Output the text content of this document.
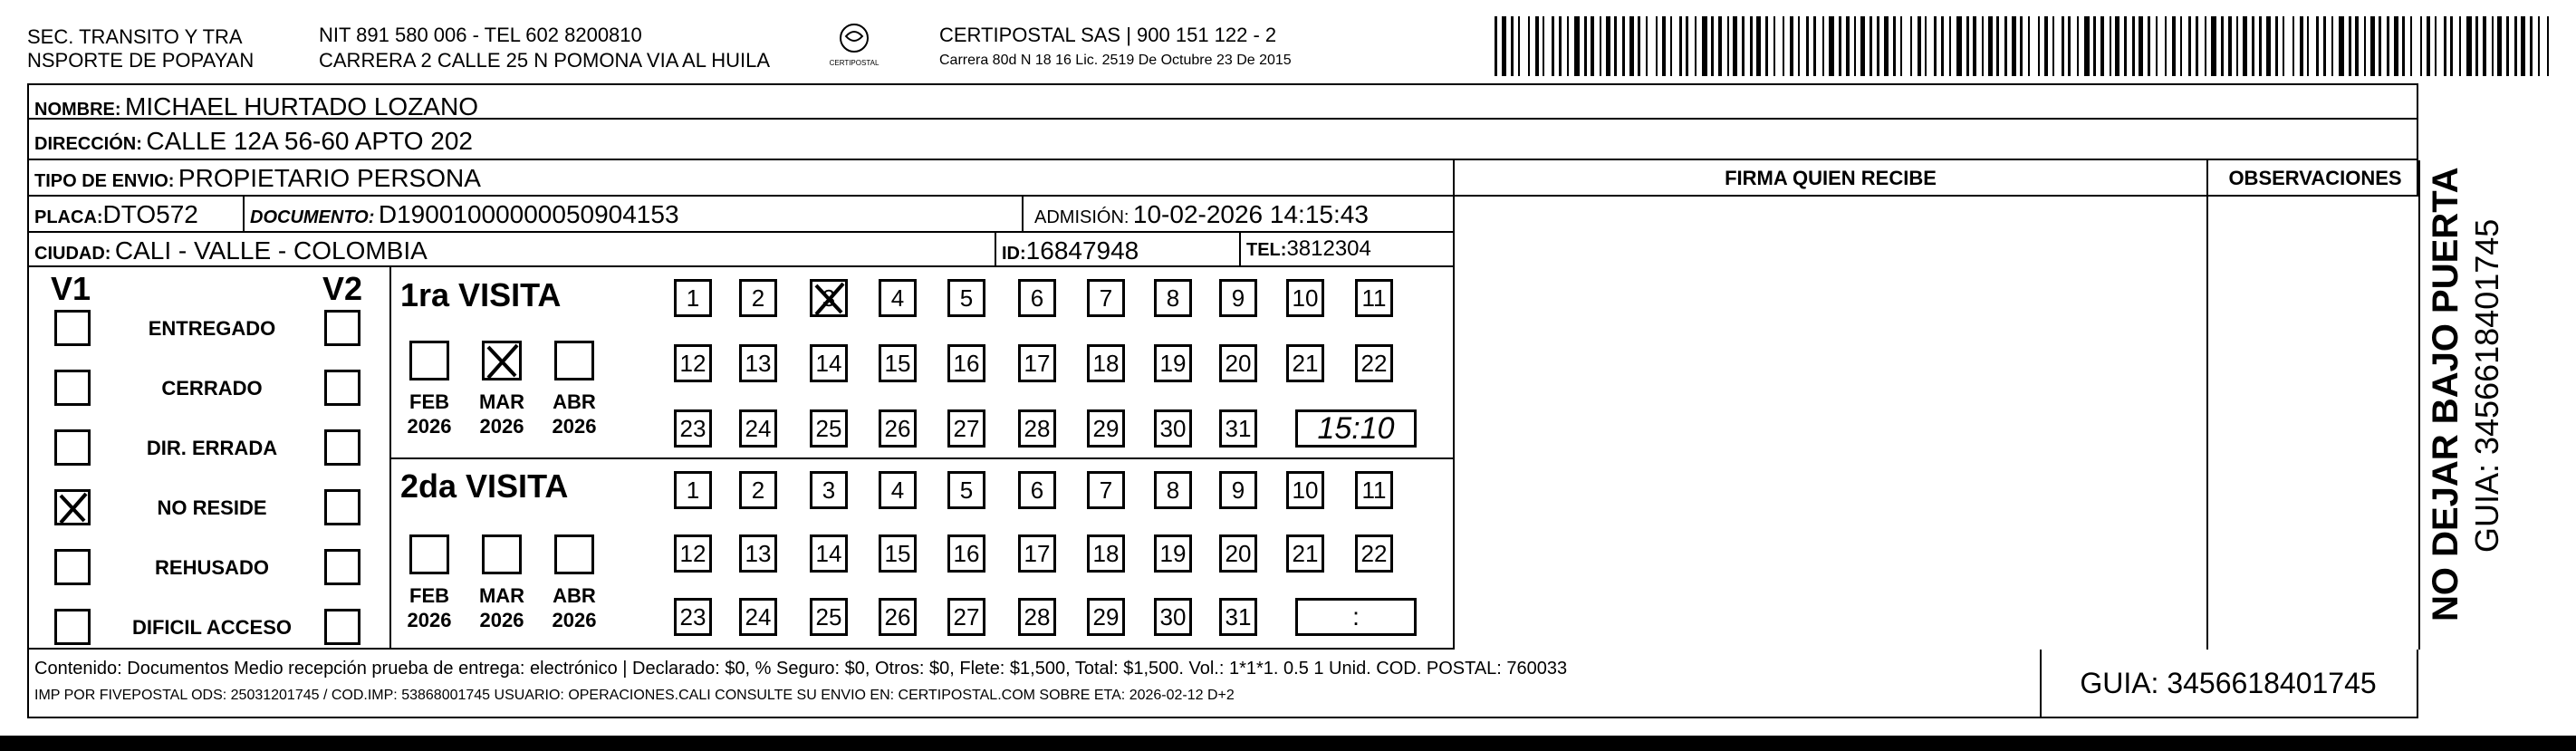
SEC. TRANSITO Y TRA
NSPORTE DE POPAYAN
NIT 891 580 006 - TEL 602 8200810
CARRERA 2 CALLE 25 N POMONA VIA AL HUILA	CERTIPOSTAL
CERTIPOSTAL SAS | 900 151 122 - 2
Carrera 80d N 18 16 Lic. 2519 De Octubre 23 De 2015
NOMBRE: MICHAEL HURTADO LOZANO
DIRECCIÓN: CALLE 12A 56-60 APTO 202
TIPO DE ENVIO: PROPIETARIO PERSONA
PLACA:DTO572	DOCUMENTO: D19001000000050904153	ADMISIÓN: 10-02-2026 14:15:43
CIUDAD: CALI - VALLE - COLOMBIA	ID:16847948	TEL:3812304
FIRMA QUIEN RECIBE	OBSERVACIONES
V1	V2
ENTREGADO
CERRADO
DIR. ERRADA
NO RESIDE
REHUSADO
DIFICIL ACCESO
1ra VISITA
2da VISITA
FEB
2026
MAR
2026
ABR
2026
FEB
2026
MAR
2026
ABR
2026
1	2	3	4	5	6	7	8	9	10 11
12 13 14 15 16 17 18 19 20 21 22
23 24 25 26 27 28 29 30 31	15:10
1	2	3	4	5	6	7	8	9	10 11
12 13 14 15 16 17 18 19 20 21 22
23 24 25 26 27 28 29 30 31	:
Contenido: Documentos Medio recepción prueba de entrega: electrónico | Declarado: $0, % Seguro: $0, Otros: $0, Flete: $1,500, Total: $1,500. Vol.: 1*1*1. 0.5 1 Unid. COD. POSTAL: 760033
IMP POR FIVEPOSTAL ODS: 25031201745 / COD.IMP: 53868001745 USUARIO: OPERACIONES.CALI CONSULTE SU ENVIO EN: CERTIPOSTAL.COM SOBRE ETA: 2026-02-12 D+2	GUIA: 3456618401745
NO DEJAR BAJO PUERTA GUIA: 3456618401745
